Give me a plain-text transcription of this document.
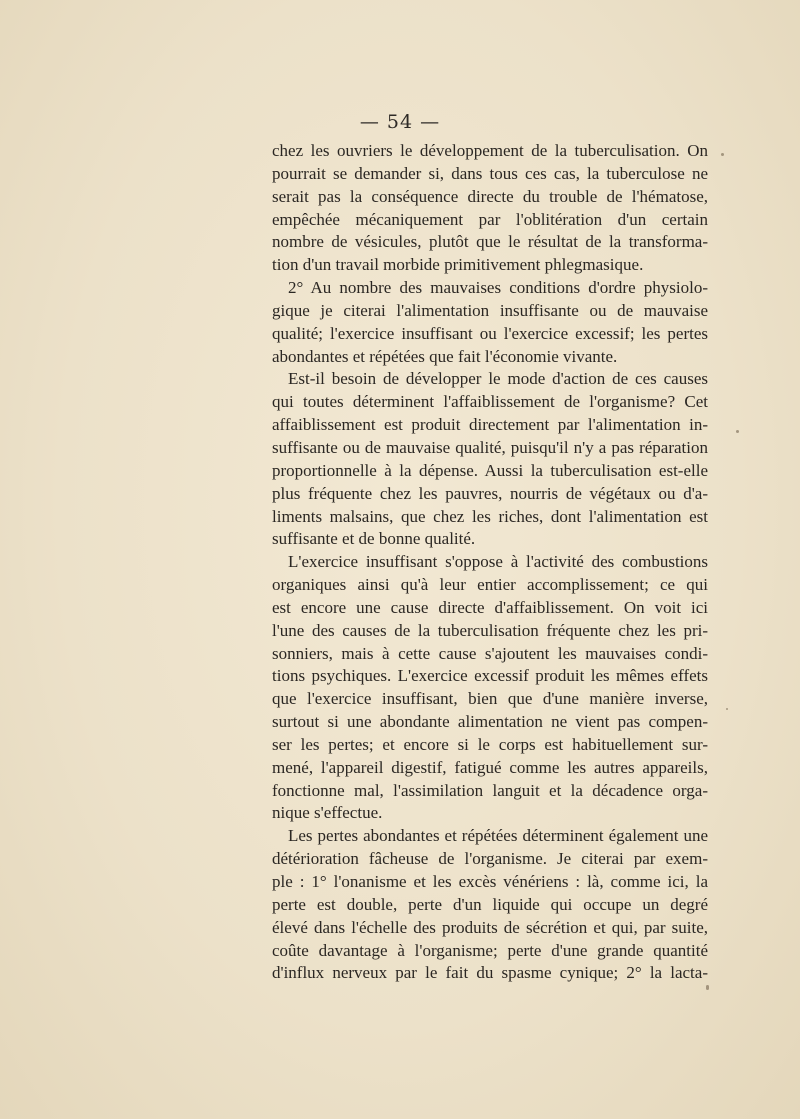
— 54 —
chez les ouvriers le développement de la tuberculisation. On
pourrait se demander si, dans tous ces cas, la tuberculose ne
serait pas la conséquence directe du trouble de l'hématose,
empêchée mécaniquement par l'oblitération d'un certain
nombre de vésicules, plutôt que le résultat de la transforma-
tion d'un travail morbide primitivement phlegmasique.
2° Au nombre des mauvaises conditions d'ordre physiolo-
gique je citerai l'alimentation insuffisante ou de mauvaise
qualité; l'exercice insuffisant ou l'exercice excessif; les pertes
abondantes et répétées que fait l'économie vivante.
Est-il besoin de développer le mode d'action de ces causes
qui toutes déterminent l'affaiblissement de l'organisme? Cet
affaiblissement est produit directement par l'alimentation in-
suffisante ou de mauvaise qualité, puisqu'il n'y a pas réparation
proportionnelle à la dépense. Aussi la tuberculisation est-elle
plus fréquente chez les pauvres, nourris de végétaux ou d'a-
liments malsains, que chez les riches, dont l'alimentation est
suffisante et de bonne qualité.
L'exercice insuffisant s'oppose à l'activité des combustions
organiques ainsi qu'à leur entier accomplissement; ce qui
est encore une cause directe d'affaiblissement. On voit ici
l'une des causes de la tuberculisation fréquente chez les pri-
sonniers, mais à cette cause s'ajoutent les mauvaises condi-
tions psychiques. L'exercice excessif produit les mêmes effets
que l'exercice insuffisant, bien que d'une manière inverse,
surtout si une abondante alimentation ne vient pas compen-
ser les pertes; et encore si le corps est habituellement sur-
mené, l'appareil digestif, fatigué comme les autres appareils,
fonctionne mal, l'assimilation languit et la décadence orga-
nique s'effectue.
Les pertes abondantes et répétées déterminent également une
détérioration fâcheuse de l'organisme. Je citerai par exem-
ple : 1° l'onanisme et les excès vénériens : là, comme ici, la
perte est double, perte d'un liquide qui occupe un degré
élevé dans l'échelle des produits de sécrétion et qui, par suite,
coûte davantage à l'organisme; perte d'une grande quantité
d'influx nerveux par le fait du spasme cynique; 2° la lacta-
